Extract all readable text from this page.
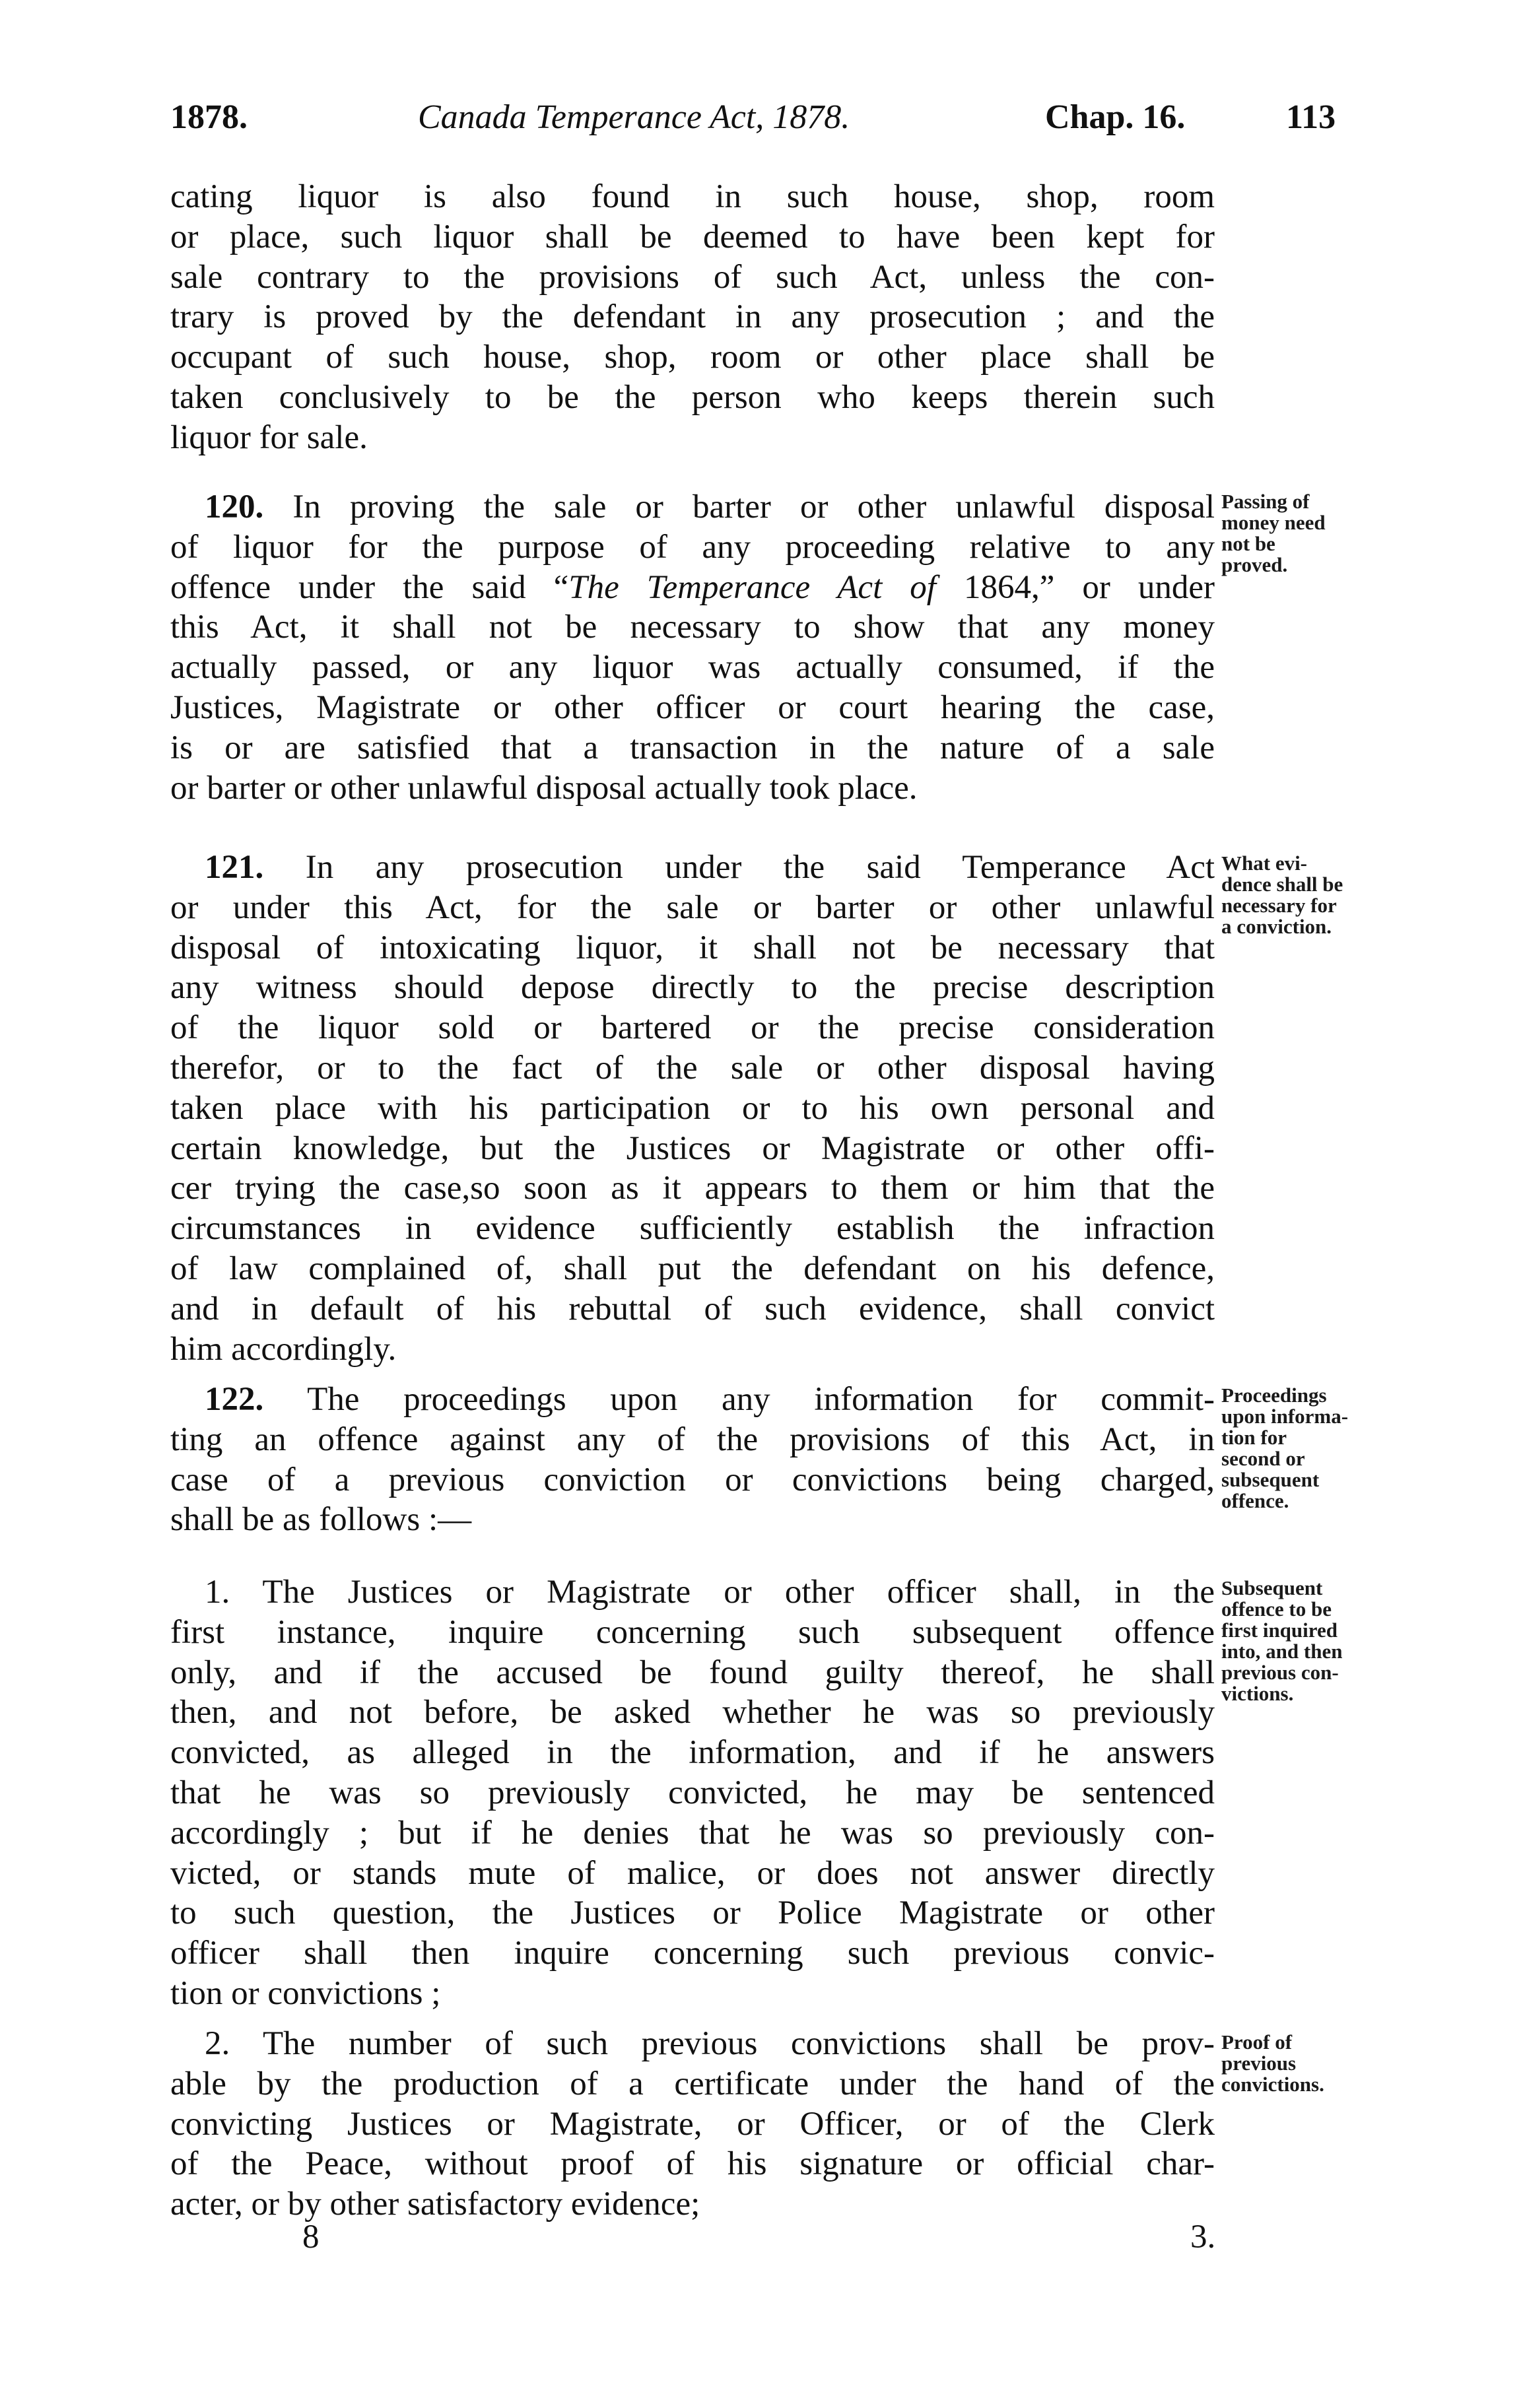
1878.	Canada Temperance Act, 1878.	Chap. 16.	113

cating liquor is also found in such house, shop, room

or place, such liquor shall be deemed to have been kept for

sale contrary to the provisions of such Act, unless the con-

trary is proved by the defendant in any prosecution ; and the

occupant of such house, shop, room or other place shall be

taken conclusively to be the person who keeps therein such

liquor for sale.

120. In proving the sale or barter or other unlawful disposal

of liquor for the purpose of any proceeding relative to any

offence under the said “The Temperance Act of 1864,” or under

this Act, it shall not be necessary to show that any money

actually passed, or any liquor was actually consumed, if the

Justices, Magistrate or other officer or court hearing the case,

is or are satisfied that a transaction in the nature of a sale

or barter or other unlawful disposal actually took place.

Passing of

money need

not be

proved.

121. In any prosecution under the said Temperance Act

or under this Act, for the sale or barter or other unlawful

disposal of intoxicating liquor, it shall not be necessary that

any witness should depose directly to the precise description

of the liquor sold or bartered or the precise consideration

therefor, or to the fact of the sale or other disposal having

taken place with his participation or to his own personal and

certain knowledge, but the Justices or Magistrate or other offi-

cer trying the case,so soon as it appears to them or him that the

circumstances in evidence sufficiently establish the infraction

of law complained of, shall put the defendant on his defence,

and in default of his rebuttal of such evidence, shall convict

him accordingly.

What evi-

dence shall be

necessary for

a conviction.

122. The proceedings upon any information for commit-

ting an offence against any of the provisions of this Act, in

case of a previous conviction or convictions being charged,

shall be as follows :—

Proceedings

upon informa-

tion for

second or

subsequent

offence.

1. The Justices or Magistrate or other officer shall, in the

first instance, inquire concerning such subsequent offence

only, and if the accused be found guilty thereof, he shall

then, and not before, be asked whether he was so previously

convicted, as alleged in the information, and if he answers

that he was so previously convicted, he may be sentenced

accordingly ; but if he denies that he was so previously con-

victed, or stands mute of malice, or does not answer directly

to such question, the Justices or Police Magistrate or other

officer shall then inquire concerning such previous convic-

tion or convictions ;

Subsequent

offence to be

first inquired

into, and then

previous con-

victions.

2. The number of such previous convictions shall be prov-

able by the production of a certificate under the hand of the

convicting Justices or Magistrate, or Officer, or of the Clerk

of the Peace, without proof of his signature or official char-

acter, or by other satisfactory evidence;

Proof of

previous

convictions.

8	3.
